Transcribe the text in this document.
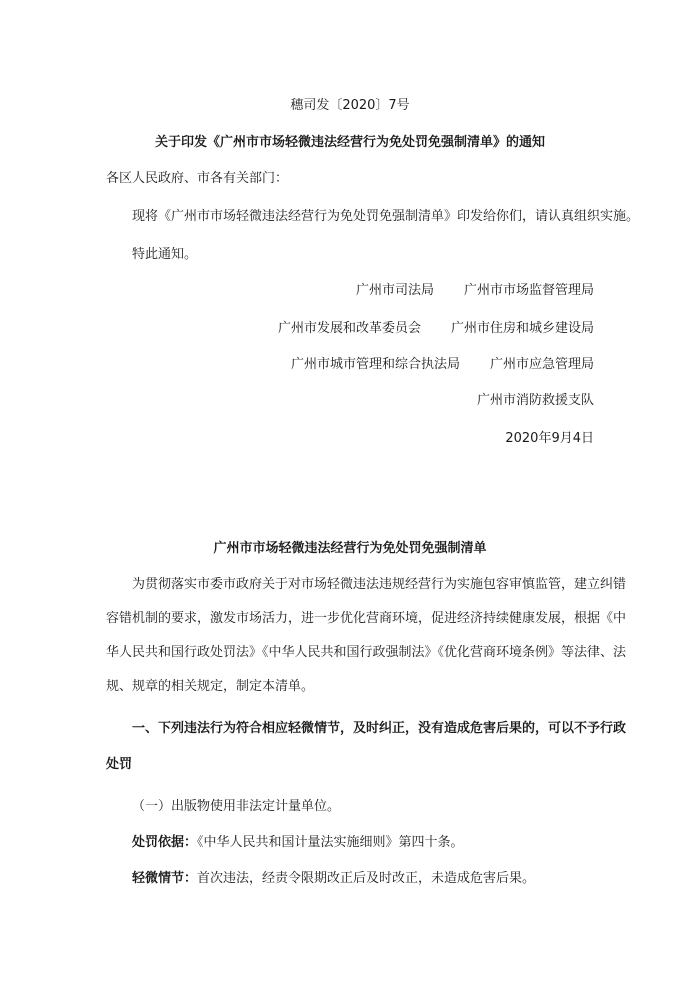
穗司发〔2020〕7号
关于印发《广州市市场轻微违法经营行为免处罚免强制清单》的通知
各区人民政府、市各有关部门：
现将《广州市市场轻微违法经营行为免处罚免强制清单》印发给你们，请认真组织实施。
特此通知。
广州市司法局 广州市市场监督管理局
广州市发展和改革委员会 广州市住房和城乡建设局
广州市城市管理和综合执法局 广州市应急管理局
广州市消防救援支队
2020年9月4日
广州市市场轻微违法经营行为免处罚免强制清单
为贯彻落实市委市政府关于对市场轻微违法违规经营行为实施包容审慎监管，建立纠错
容错机制的要求，激发市场活力，进一步优化营商环境，促进经济持续健康发展，根据《中
华人民共和国行政处罚法》《中华人民共和国行政强制法》《优化营商环境条例》等法律、法
规、规章的相关规定，制定本清单。
一、下列违法行为符合相应轻微情节，及时纠正，没有造成危害后果的，可以不予行政
处罚
（一）出版物使用非法定计量单位。
处罚依据：《中华人民共和国计量法实施细则》第四十条。
轻微情节：首次违法，经责令限期改正后及时改正，未造成危害后果。
